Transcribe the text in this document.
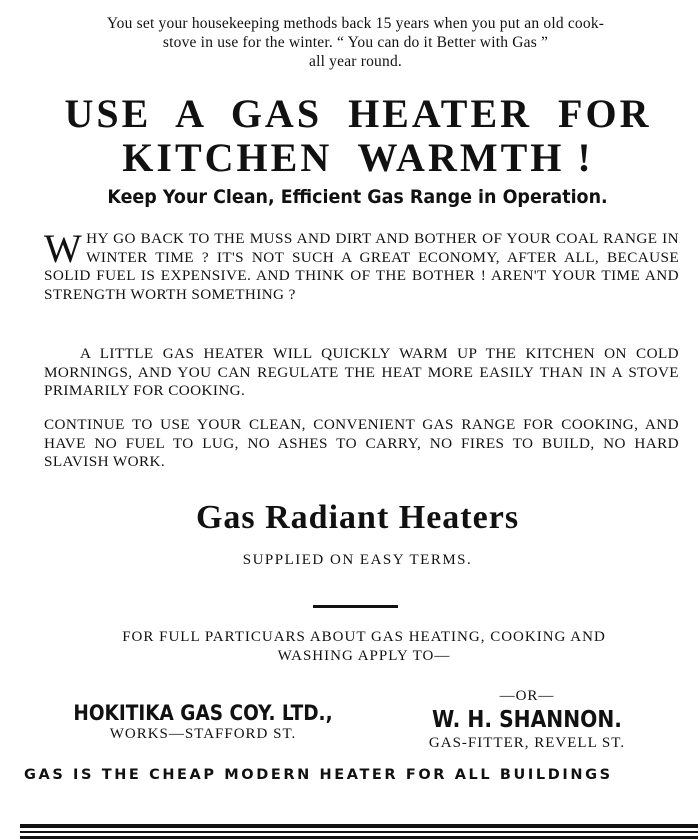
You set your housekeeping methods back 15 years when you put an old cook-
stove in use for the winter. “ You can do it Better with Gas ”
all year round.
USE  A  GAS  HEATER  FOR
KITCHEN  WARMTH !
Keep Your Clean, Efficient Gas Range in Operation.
W HY GO BACK TO THE MUSS AND DIRT AND BOTHER OF YOUR COAL RANGE IN WINTER TIME ? IT'S NOT SUCH A GREAT ECONOMY, AFTER ALL, BECAUSE SOLID FUEL IS EXPENSIVE. AND THINK OF THE BOTHER ! AREN'T YOUR TIME AND STRENGTH WORTH SOMETHING ?
A LITTLE GAS HEATER WILL QUICKLY WARM UP THE KITCHEN ON COLD MORNINGS, AND YOU CAN REGULATE THE HEAT MORE EASILY THAN IN A STOVE PRIMARILY FOR COOKING.
CONTINUE TO USE YOUR CLEAN, CONVENIENT GAS RANGE FOR COOKING, AND HAVE NO FUEL TO LUG, NO ASHES TO CARRY, NO FIRES TO BUILD, NO HARD SLAVISH WORK.
Gas Radiant Heaters
SUPPLIED ON EASY TERMS.
FOR FULL PARTICUARS ABOUT GAS HEATING, COOKING AND
WASHING APPLY TO—
HOKITIKA GAS COY. LTD.,
WORKS—STAFFORD ST.
—OR—
W. H. SHANNON.
GAS-FITTER, REVELL ST.
GAS IS THE CHEAP MODERN HEATER FOR ALL BUILDINGS
